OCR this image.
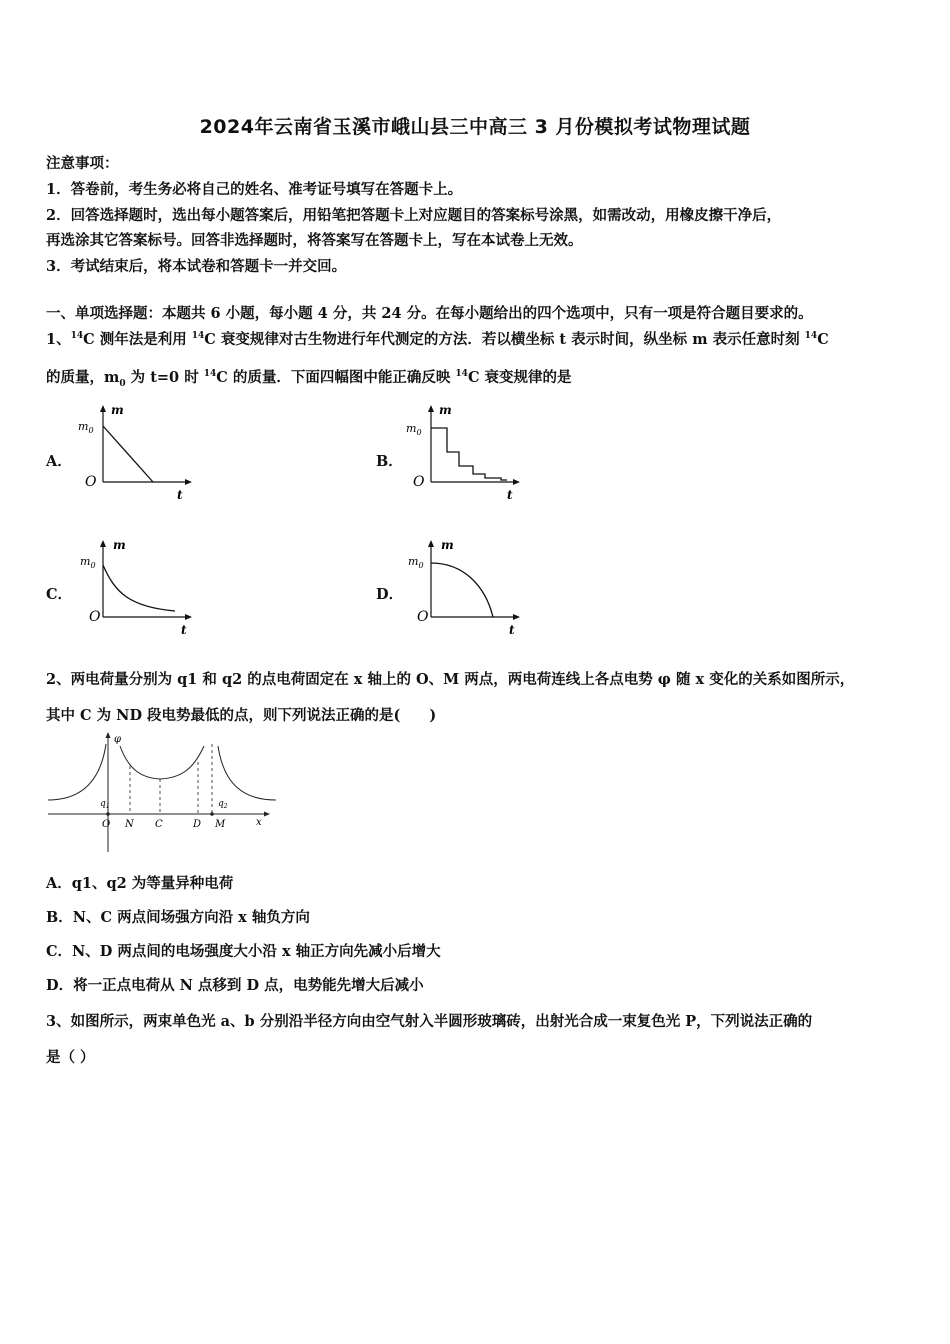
2024年云南省玉溪市峨山县三中高三 3 月份模拟考试物理试题
注意事项：
1．答卷前，考生务必将自己的姓名、准考证号填写在答题卡上。
2．回答选择题时，选出每小题答案后，用铅笔把答题卡上对应题目的答案标号涂黑，如需改动，用橡皮擦干净后，
再选涂其它答案标号。回答非选择题时，将答案写在答题卡上，写在本试卷上无效。
3．考试结束后，将本试卷和答题卡一并交回。
一、单项选择题：本题共 6 小题，每小题 4 分，共 24 分。在每小题给出的四个选项中，只有一项是符合题目要求的。
1、$^{14}$C 测年法是利用 $^{14}$C 衰变规律对古生物进行年代测定的方法．若以横坐标 t 表示时间，纵坐标 m 表示任意时刻 $^{14}$C
的质量，$m_0$ 为 t=0 时 $^{14}$C 的质量．下面四幅图中能正确反映 $^{14}$C 衰变规律的是
A．	B．
C．	D．
m
$m_0$
O
t
m
$m_0$
O
t
m
$m_0$
O
t
m
$m_0$
O
t
2、两电荷量分别为 q1 和 q2 的点电荷固定在 x 轴上的 O、M 两点，两电荷连线上各点电势 φ 随 x 变化的关系如图所示，
其中 C 为 ND 段电势最低的点，则下列说法正确的是(　　)
φ
$q_1$	$q_2$
O N C	D M	x
A．q1、q2 为等量异种电荷
B．N、C 两点间场强方向沿 x 轴负方向
C．N、D 两点间的电场强度大小沿 x 轴正方向先减小后增大
D．将一正点电荷从 N 点移到 D 点，电势能先增大后减小
3、如图所示，两束单色光 a、b 分别沿半径方向由空气射入半圆形玻璃砖，出射光合成一束复色光 P，下列说法正确的
是（ ）
